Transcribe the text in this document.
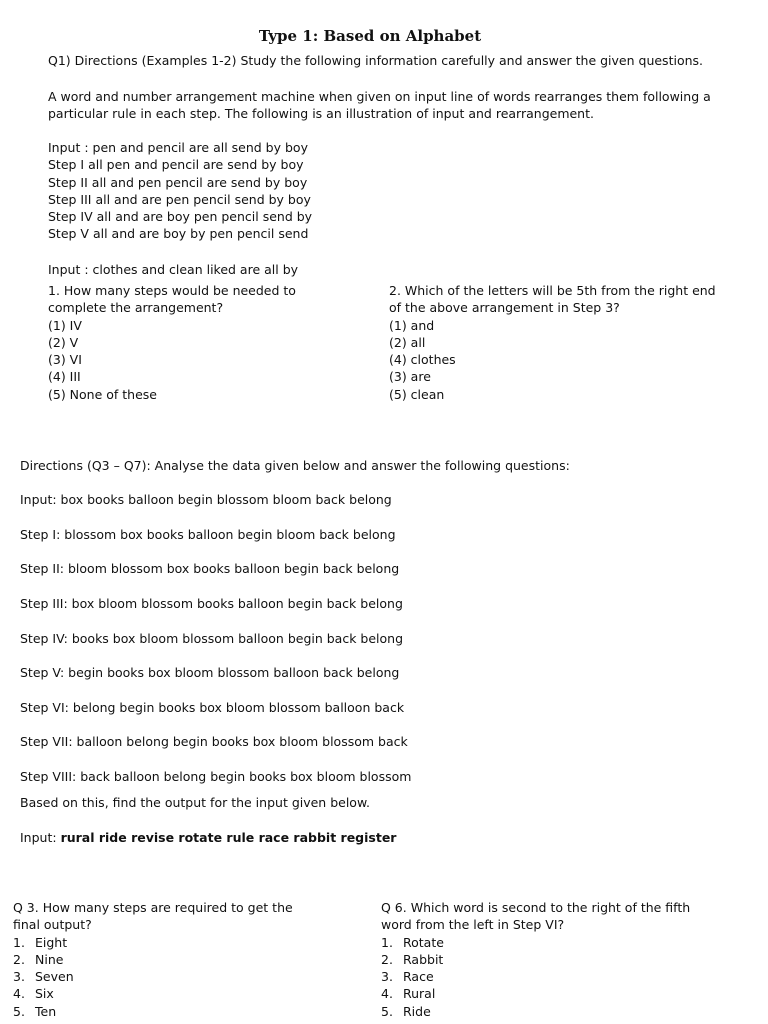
Type 1: Based on Alphabet
Q1) Directions (Examples 1-2) Study the following information carefully and answer the given questions.
A word and number arrangement machine when given on input line of words rearranges them following a
particular rule in each step. The following is an illustration of input and rearrangement.
Input : pen and pencil are all send by boy
Step I all pen and pencil are send by boy
Step II all and pen pencil are send by boy
Step III all and are pen pencil send by boy
Step IV all and are boy pen pencil send by
Step V all and are boy by pen pencil send
Input : clothes and clean liked are all by
1. How many steps would be needed to
complete the arrangement?
(1) IV
(2) V
(3) VI
(4) III
(5) None of these
2. Which of the letters will be 5th from the right end
of the above arrangement in Step 3?
(1) and
(2) all
(4) clothes
(3) are
(5) clean
Directions (Q3 – Q7): Analyse the data given below and answer the following questions:
Input: box books balloon begin blossom bloom back belong
Step I: blossom box books balloon begin bloom back belong
Step II: bloom blossom box books balloon begin back belong
Step III: box bloom blossom books balloon begin back belong
Step IV: books box bloom blossom balloon begin back belong
Step V: begin books box bloom blossom balloon back belong
Step VI: belong begin books box bloom blossom balloon back
Step VII: balloon belong begin books box bloom blossom back
Step VIII: back balloon belong begin books box bloom blossom
Based on this, find the output for the input given below.
Input: rural ride revise rotate rule race rabbit register
Q 3. How many steps are required to get the
final output?
1. Eight
2. Nine
3. Seven
4. Six
5. Ten
Q 6. Which word is second to the right of the fifth
word from the left in Step VI?
1. Rotate
2. Rabbit
3. Race
4. Rural
5. Ride
